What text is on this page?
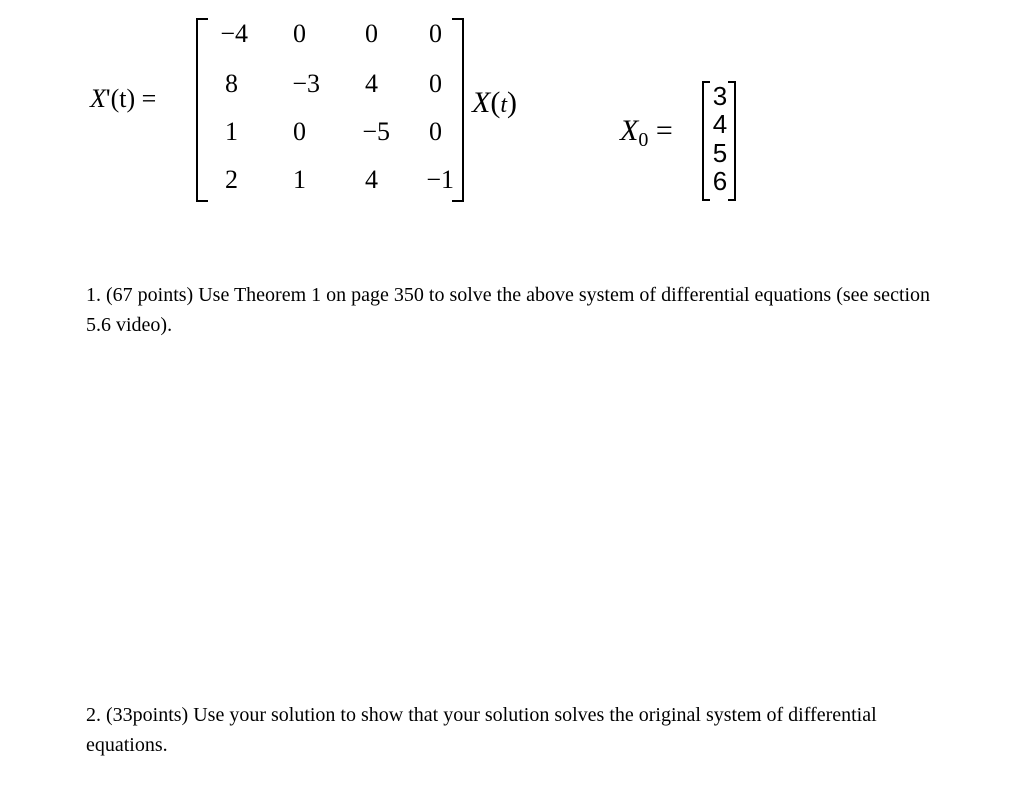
X'(t) =
−4	0	0	0
8	−3	4	0
1	0	−5	0
2	1	4	−1
X(t)
$X_0$ =
3
4
5
6
1. (67 points) Use Theorem 1 on page 350 to solve the above system of differential equations (see section 5.6 video).
2. (33points) Use your solution to show that your solution solves the original system of differential equations.
